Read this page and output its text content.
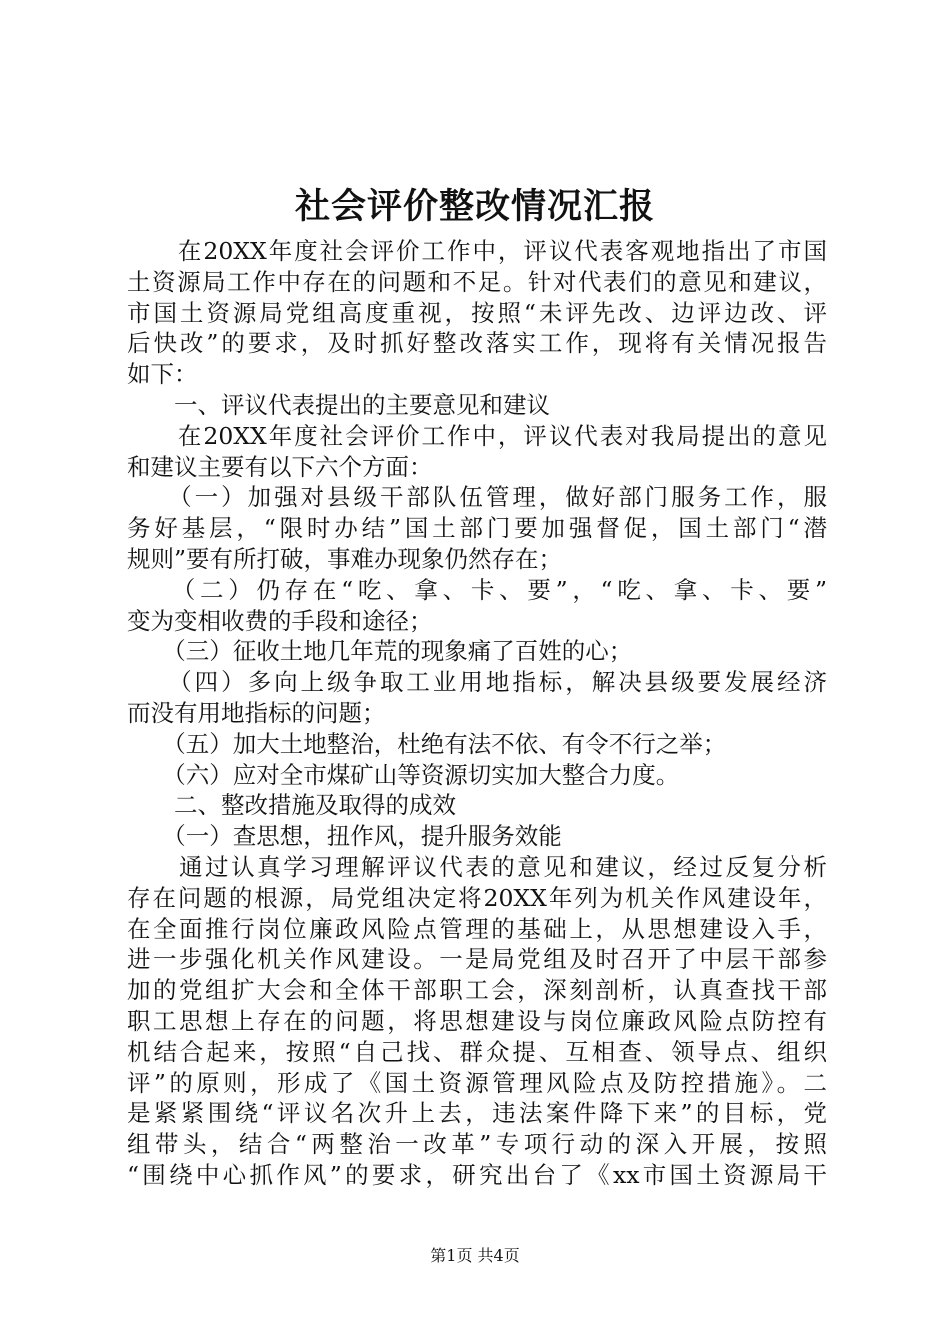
社会评价整改情况汇报
　　在20XX年度社会评价工作中，评议代表客观地指出了市国
土资源局工作中存在的问题和不足。针对代表们的意见和建议，
市国土资源局党组高度重视，按照“未评先改、边评边改、评
后快改”的要求，及时抓好整改落实工作，现将有关情况报告
如下：
　　一、评议代表提出的主要意见和建议
　　在20XX年度社会评价工作中，评议代表对我局提出的意见
和建议主要有以下六个方面：
　　（一）加强对县级干部队伍管理，做好部门服务工作，服
务好基层，“限时办结”国土部门要加强督促，国土部门“潜
规则”要有所打破，事难办现象仍然存在；
　　（二）仍存在“吃、拿、卡、要”，“吃、拿、卡、要”
变为变相收费的手段和途径；
　　（三）征收土地几年荒的现象痛了百姓的心；
　　（四）多向上级争取工业用地指标，解决县级要发展经济
而没有用地指标的问题；
　　（五）加大土地整治，杜绝有法不依、有令不行之举；
　　（六）应对全市煤矿山等资源切实加大整合力度。
　　二、整改措施及取得的成效
　　（一）查思想，扭作风，提升服务效能
　　通过认真学习理解评议代表的意见和建议，经过反复分析
存在问题的根源，局党组决定将20XX年列为机关作风建设年，
在全面推行岗位廉政风险点管理的基础上，从思想建设入手，
进一步强化机关作风建设。一是局党组及时召开了中层干部参
加的党组扩大会和全体干部职工会，深刻剖析，认真查找干部
职工思想上存在的问题，将思想建设与岗位廉政风险点防控有
机结合起来，按照“自己找、群众提、互相查、领导点、组织
评”的原则，形成了《国土资源管理风险点及防控措施》。二
是紧紧围绕“评议名次升上去，违法案件降下来”的目标，党
组带头，结合“两整治一改革”专项行动的深入开展，按照
“围绕中心抓作风”的要求，研究出台了《xx市国土资源局干
第1页 共4页
